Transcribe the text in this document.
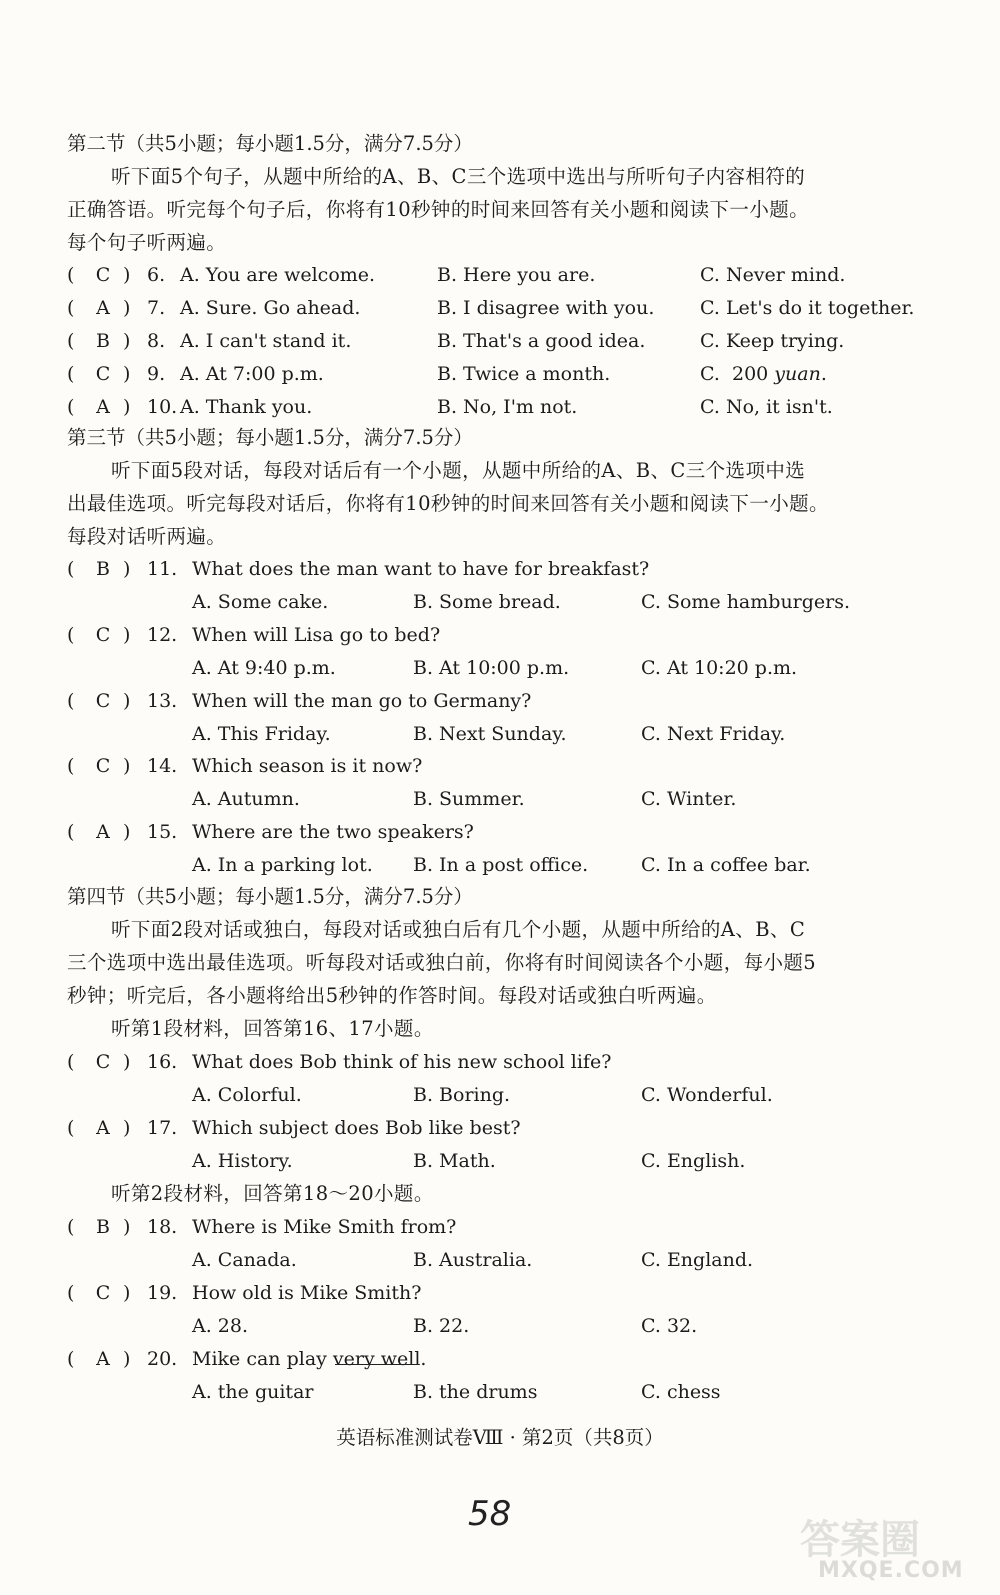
第二节（共5小题；每小题1.5分，满分7.5分）
听下面5个句子，从题中所给的A、B、C三个选项中选出与所听句子内容相符的
正确答语。听完每个句子后，你将有10秒钟的时间来回答有关小题和阅读下一小题。
每个句子听两遍。
( C ) 6. A. You are welcome.	B. Here you are.	C. Never mind.
( A ) 7. A. Sure. Go ahead.	B. I disagree with you. C. Let's do it together.
( B ) 8. A. I can't stand it.	B. That's a good idea.	C. Keep trying.
( C ) 9. A. At 7:00 p.m.	B. Twice a month.	C.  200 yuan.
( A ) 10. A. Thank you.	B. No, I'm not.	C. No, it isn't.
第三节（共5小题；每小题1.5分，满分7.5分）
听下面5段对话，每段对话后有一个小题，从题中所给的A、B、C三个选项中选
出最佳选项。听完每段对话后，你将有10秒钟的时间来回答有关小题和阅读下一小题。
每段对话听两遍。
( B ) 11. What does the man want to have for breakfast?
A. Some cake.	B. Some bread.	C. Some hamburgers.
( C ) 12. When will Lisa go to bed?
A. At 9:40 p.m.	B. At 10:00 p.m.	C. At 10:20 p.m.
( C ) 13. When will the man go to Germany?
A. This Friday.	B. Next Sunday.	C. Next Friday.
( C ) 14. Which season is it now?
A. Autumn.	B. Summer.	C. Winter.
( A ) 15. Where are the two speakers?
A. In a parking lot. B. In a post office.	C. In a coffee bar.
第四节（共5小题；每小题1.5分，满分7.5分）
听下面2段对话或独白，每段对话或独白后有几个小题，从题中所给的A、B、C
三个选项中选出最佳选项。听每段对话或独白前，你将有时间阅读各个小题，每小题5
秒钟；听完后，各小题将给出5秒钟的作答时间。每段对话或独白听两遍。
听第1段材料，回答第16、17小题。
( C ) 16. What does Bob think of his new school life?
A. Colorful.	B. Boring.	C. Wonderful.
( A ) 17. Which subject does Bob like best?
A. History.	B. Math.	C. English.
听第2段材料，回答第18～20小题。
( B ) 18. Where is Mike Smith from?
A. Canada.	B. Australia.	C. England.
( C ) 19. How old is Mike Smith?
A. 28.	B. 22.	C. 32.
( A ) 20. Mike can play
very well.
A. the guitar	B. the drums	C. chess
英语标准测试卷Ⅷ · 第2页（共8页）
58
答案圈
MXQE.COM
